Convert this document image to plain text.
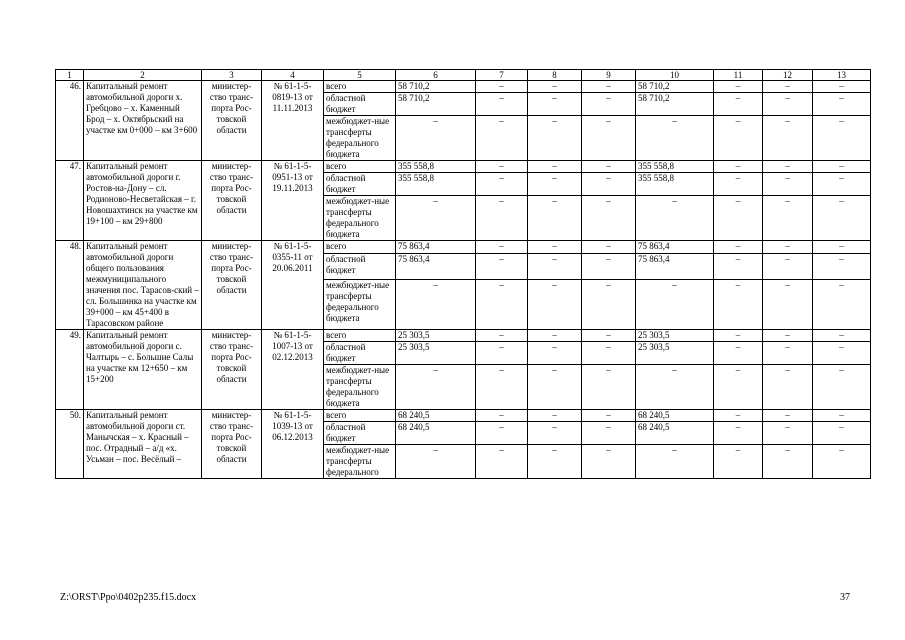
1	2	3	4	5	6	7	8	9	10	11	12	13
46.	Капитальный ремонт автомобильной дороги х. Гребцово – х. Каменный Брод – х. Октябрьский на участке км 0+000 – км 3+600	министер-ство транс-порта Рос-товской области	№ 61-1-5-0819-13 от 11.11.2013	всего	58 710,2	–	–	–	58 710,2	–	–	–
				областной бюджет	58 710,2	–	–	–	58 710,2	–	–	–
				межбюджет-ные трансферты федерального бюджета	–	–	–	–	–	–	–	–
47.	Капитальный ремонт автомобильной дороги г. Ростов-на-Дону – сл. Родионово-Несветайская – г. Новошахтинск на участке км 19+100 – км 29+800	министер-ство транс-порта Рос-товской области	№ 61-1-5-0951-13 от 19.11.2013	всего	355 558,8	–	–	–	355 558,8	–	–	–
				областной бюджет	355 558,8	–	–	–	355 558,8	–	–	–
				межбюджет-ные трансферты федерального бюджета	–	–	–	–	–	–	–	–
48.	Капитальный ремонт автомобильной дороги общего пользования межмуниципального значения пос. Тарасов-ский – сл. Большинка на участке км 39+000 – км 45+400 в Тарасовском районе	министер-ство транс-порта Рос-товской области	№ 61-1-5-0355-11 от 20.06.2011	всего	75 863,4	–	–	–	75 863,4	–	–	–
				областной бюджет	75 863,4	–	–	–	75 863,4	–	–	–
				межбюджет-ные трансферты федерального бюджета	–	–	–	–	–	–	–	–
49.	Капитальный ремонт автомобильной дороги с. Чалтырь – с. Большие Салы на участке км 12+650 – км 15+200	министер-ство транс-порта Рос-товской области	№ 61-1-5-1007-13 от 02.12.2013	всего	25 303,5	–	–	–	25 303,5	–	–	–
				областной бюджет	25 303,5	–	–	–	25 303,5	–	–	–
				межбюджет-ные трансферты федерального бюджета	–	–	–	–	–	–	–	–
50.	Капитальный ремонт автомобильной дороги ст. Манычская – х. Красный – пос. Отрадный – а/д «х. Усьман – пос. Весёлый –	министер-ство транс-порта Рос-товской области	№ 61-1-5-1039-13 от 06.12.2013	всего	68 240,5	–	–	–	68 240,5	–	–	–
				областной бюджет	68 240,5	–	–	–	68 240,5	–	–	–
				межбюджет-ные трансферты федерального	–	–	–	–	–	–	–	–
Z:\ORST\Ppo\0402p235.f15.docx	37
